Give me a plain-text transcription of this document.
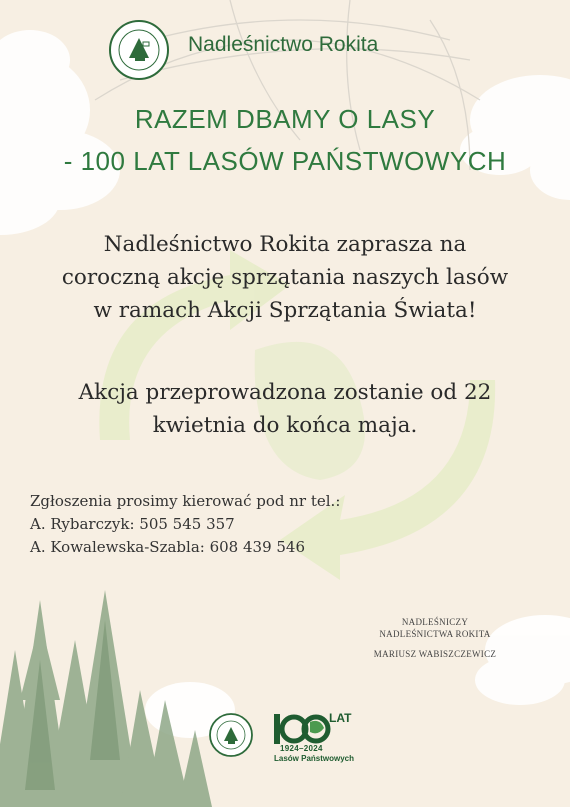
Nadleśnictwo Rokita
RAZEM DBAMY O LASY
- 100 LAT LASÓW PAŃSTWOWYCH
Nadleśnictwo Rokita zaprasza na
coroczną akcję sprzątania naszych lasów
w ramach Akcji Sprzątania Świata!
Akcja przeprowadzona zostanie od 22
kwietnia do końca maja.
Zgłoszenia prosimy kierować pod nr tel.:
A. Rybarczyk: 505 545 357
A. Kowalewska-Szabla: 608 439 546
NADLEŚNICZY
NADLEŚNICTWA ROKITA
MARIUSZ WABISZCZEWICZ
LAT
1924–2024
Lasów Państwowych
